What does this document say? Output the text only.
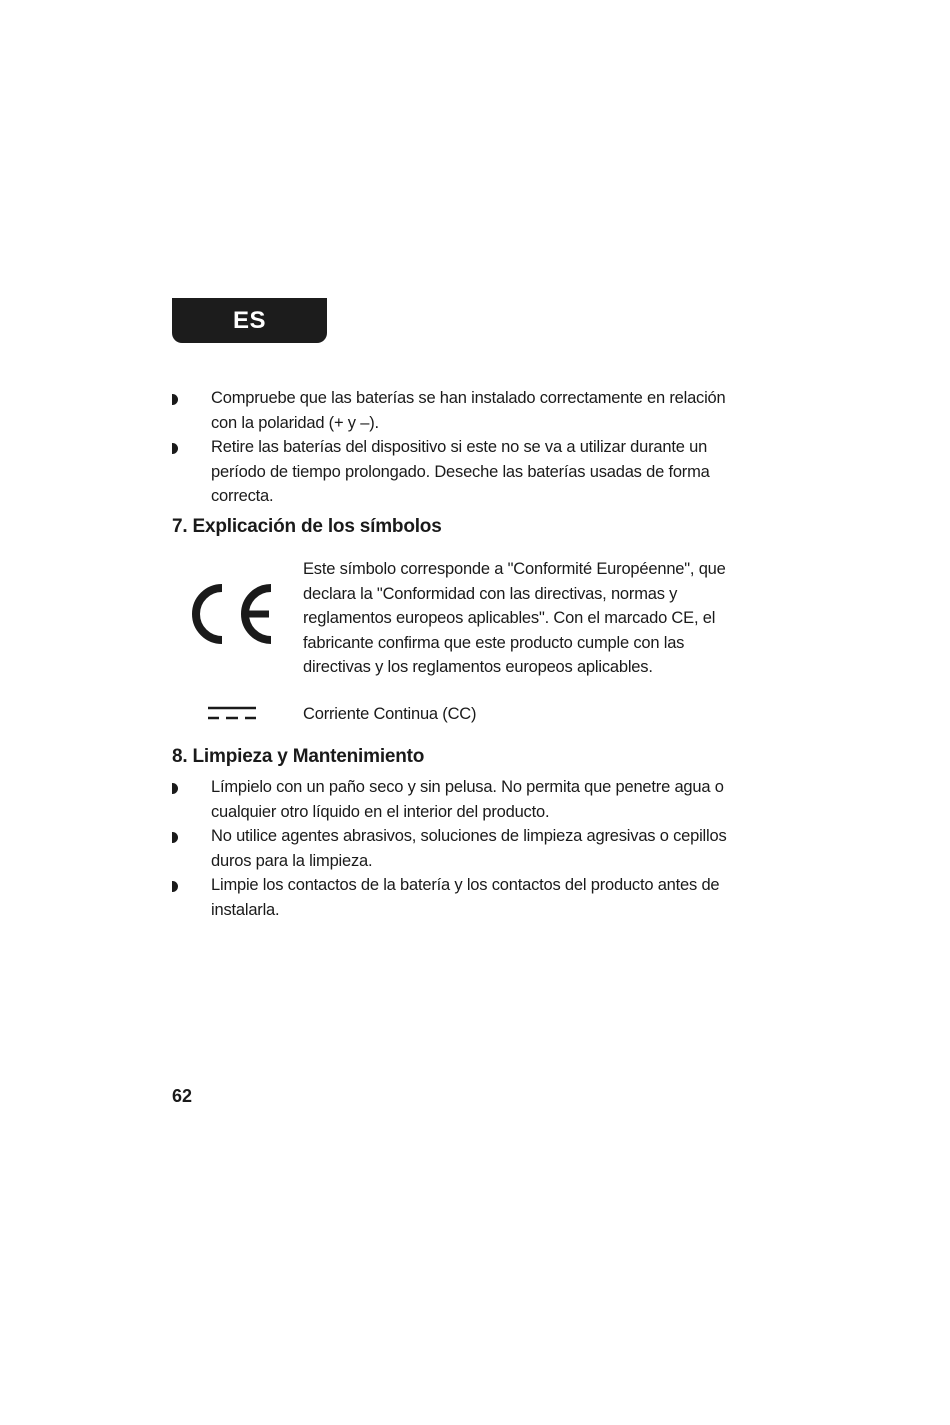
ES
Compruebe que las baterías se han instalado correctamente en relación con la polaridad (+ y –).
Retire las baterías del dispositivo si este no se va a utilizar durante un período de tiempo prolongado. Deseche las baterías usadas de forma correcta.
7. Explicación de los símbolos

Este símbolo corresponde a "Conformité Européenne", que declara la "Conformidad con las directivas, normas y reglamentos europeos aplicables". Con el marcado CE, el fabricante confirma que este producto cumple con las directivas y los reglamentos europeos aplicables.

Corriente Continua (CC)

8. Limpieza y Mantenimiento
Límpielo con un paño seco y sin pelusa. No permita que penetre agua o cualquier otro líquido en el interior del producto.
No utilice agentes abrasivos, soluciones de limpieza agresivas o cepillos duros para la limpieza.
Limpie los contactos de la batería y los contactos del producto antes de instalarla.
62
